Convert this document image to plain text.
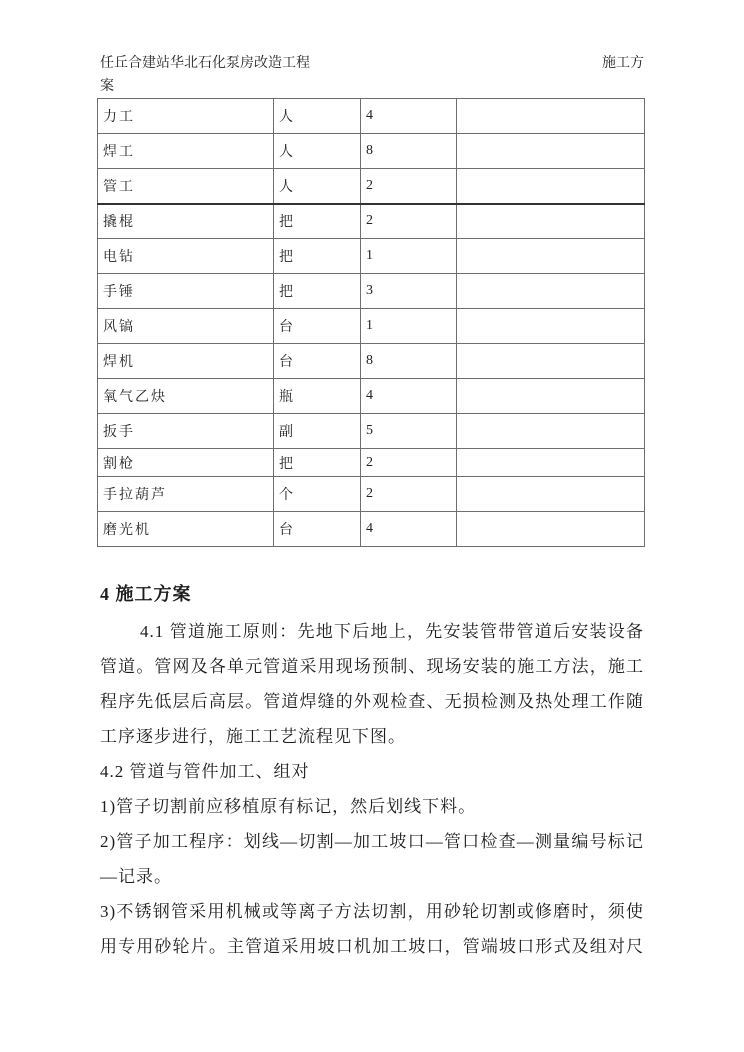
任丘合建站华北石化泵房改造工程	施工方
案
力工	人	4	
焊工	人	8	
管工	人	2	
撬棍	把	2	
电钻	把	1	
手锤	把	3	
风镐	台	1	
焊机	台	8	
氧气乙炔	瓶	4	
扳手	副	5	
割枪	把	2	
手拉葫芦	个	2	
磨光机	台	4	
4 施工方案
4.1 管道施工原则：先地下后地上，先安装管带管道后安装设备
管道。管网及各单元管道采用现场预制、现场安装的施工方法，施工
程序先低层后高层。管道焊缝的外观检查、无损检测及热处理工作随
工序逐步进行，施工工艺流程见下图。
4.2 管道与管件加工、组对
1)管子切割前应移植原有标记，然后划线下料。
2)管子加工程序：划线—切割—加工坡口—管口检查—测量编号标记
—记录。
3)不锈钢管采用机械或等离子方法切割，用砂轮切割或修磨时，须使
用专用砂轮片。主管道采用坡口机加工坡口，管端坡口形式及组对尺
